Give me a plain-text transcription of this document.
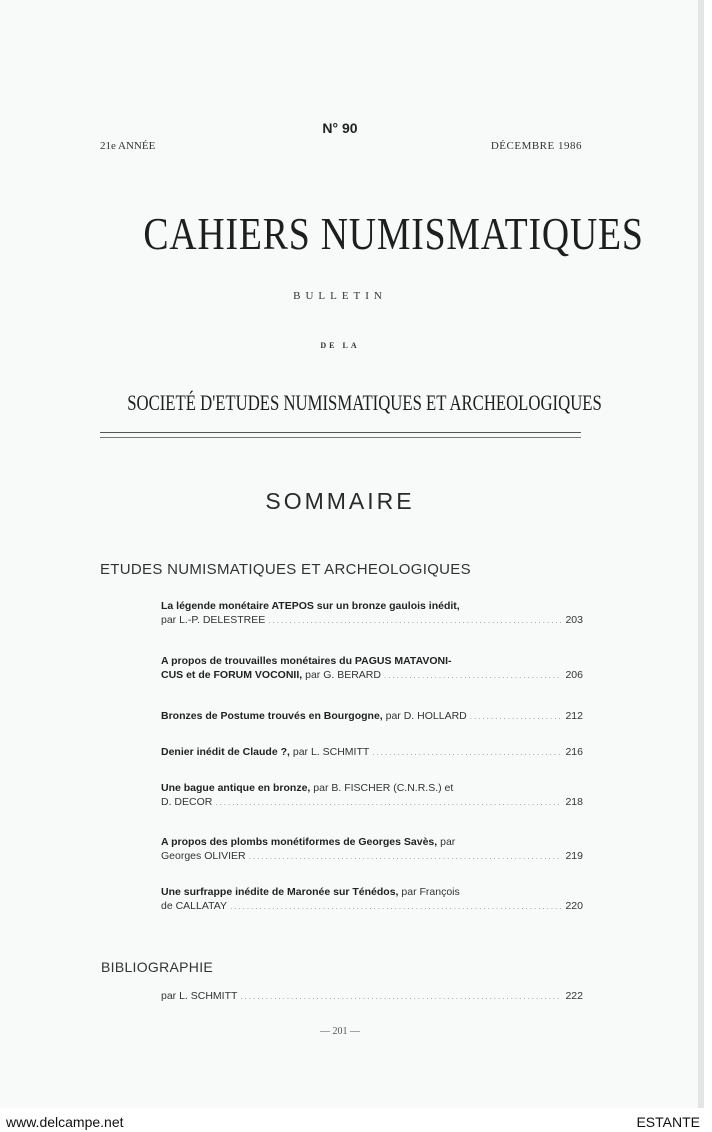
N° 90
21e ANNÉE	DÉCEMBRE 1986
CAHIERS NUMISMATIQUES
BULLETIN
DE LA
SOCIETÉ D'ETUDES NUMISMATIQUES ET ARCHEOLOGIQUES
SOMMAIRE
ETUDES NUMISMATIQUES ET ARCHEOLOGIQUES
La légende monétaire ATEPOS sur un bronze gaulois inédit,
par L.-P. DELESTREE .....	203
A propos de trouvailles monétaires du PAGUS MATAVONI-
CUS et de FORUM VOCONII,
par G. BERARD .....	206
Bronzes de Postume trouvés en Bourgogne,
par D. HOLLARD .....	212
Denier inédit de Claude ?,
par L. SCHMITT .....	216
Une bague antique en bronze,
par B. FISCHER (C.N.R.S.) et
D. DECOR .....	218
A propos des plombs monétiformes de Georges Savès,
par
Georges OLIVIER .....	219
Une surfrappe inédite de Maronée sur Ténédos,
par François
de CALLATAY .....	220
BIBLIOGRAPHIE
par L. SCHMITT .....	222
— 201 —
www.delcampe.net	ESTANTE
